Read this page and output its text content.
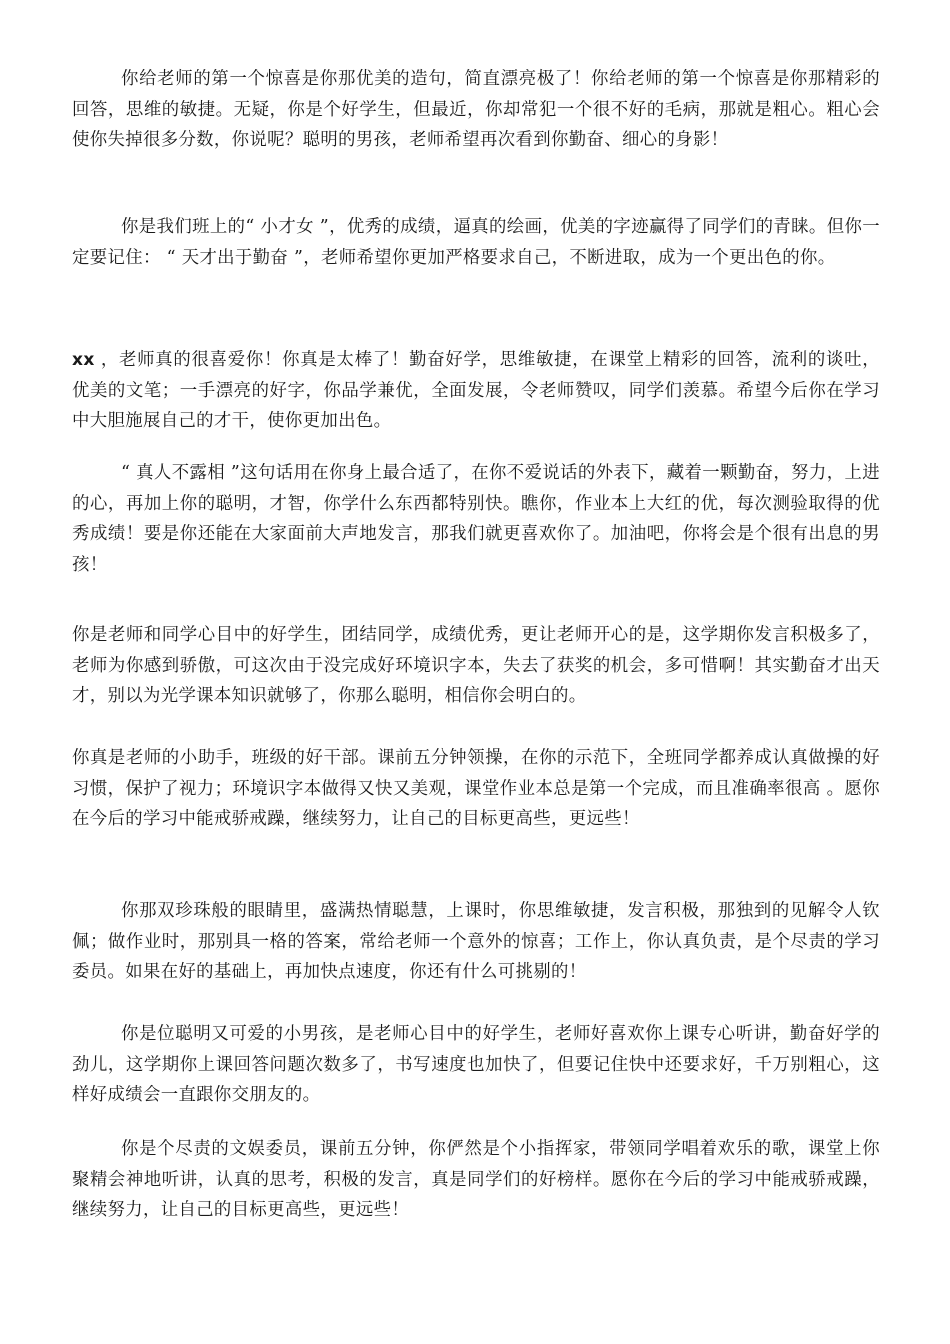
你给老师的第一个惊喜是你那优美的造句，简直漂亮极了！你给老师的第一个惊喜是你那精彩的回答，思维的敏捷。无疑，你是个好学生，但最近，你却常犯一个很不好的毛病，那就是粗心。粗心会使你失掉很多分数，你说呢？聪明的男孩，老师希望再次看到你勤奋、细心的身影！

你是我们班上的“ 小才女 ”，优秀的成绩，逼真的绘画，优美的字迹赢得了同学们的青睐。但你一定要记住： “ 天才出于勤奋 ”，老师希望你更加严格要求自己，不断进取，成为一个更出色的你。

xx ，老师真的很喜爱你！你真是太棒了！勤奋好学，思维敏捷，在课堂上精彩的回答，流利的谈吐，优美的文笔；一手漂亮的好字，你品学兼优，全面发展，令老师赞叹，同学们羡慕。希望今后你在学习中大胆施展自己的才干，使你更加出色。

“ 真人不露相 ”这句话用在你身上最合适了，在你不爱说话的外表下，藏着一颗勤奋，努力，上进的心，再加上你的聪明，才智，你学什么东西都特别快。瞧你，作业本上大红的优，每次测验取得的优秀成绩！要是你还能在大家面前大声地发言，那我们就更喜欢你了。加油吧，你将会是个很有出息的男孩！

你是老师和同学心目中的好学生，团结同学，成绩优秀，更让老师开心的是，这学期你发言积极多了，老师为你感到骄傲，可这次由于没完成好环境识字本，失去了获奖的机会，多可惜啊！其实勤奋才出天才，别以为光学课本知识就够了，你那么聪明，相信你会明白的。

你真是老师的小助手，班级的好干部。课前五分钟领操，在你的示范下，全班同学都养成认真做操的好习惯，保护了视力；环境识字本做得又快又美观，课堂作业本总是第一个完成，而且准确率很高 。愿你在今后的学习中能戒骄戒躁，继续努力，让自己的目标更高些，更远些！

你那双珍珠般的眼睛里，盛满热情聪慧，上课时，你思维敏捷，发言积极，那独到的见解令人钦佩；做作业时，那别具一格的答案，常给老师一个意外的惊喜；工作上，你认真负责，是个尽责的学习委员。如果在好的基础上，再加快点速度，你还有什么可挑剔的！

你是位聪明又可爱的小男孩，是老师心目中的好学生，老师好喜欢你上课专心听讲，勤奋好学的劲儿，这学期你上课回答问题次数多了，书写速度也加快了，但要记住快中还要求好，千万别粗心，这样好成绩会一直跟你交朋友的。

你是个尽责的文娱委员，课前五分钟，你俨然是个小指挥家，带领同学唱着欢乐的歌，课堂上你聚精会神地听讲，认真的思考，积极的发言，真是同学们的好榜样。愿你在今后的学习中能戒骄戒躁，继续努力，让自己的目标更高些，更远些！
